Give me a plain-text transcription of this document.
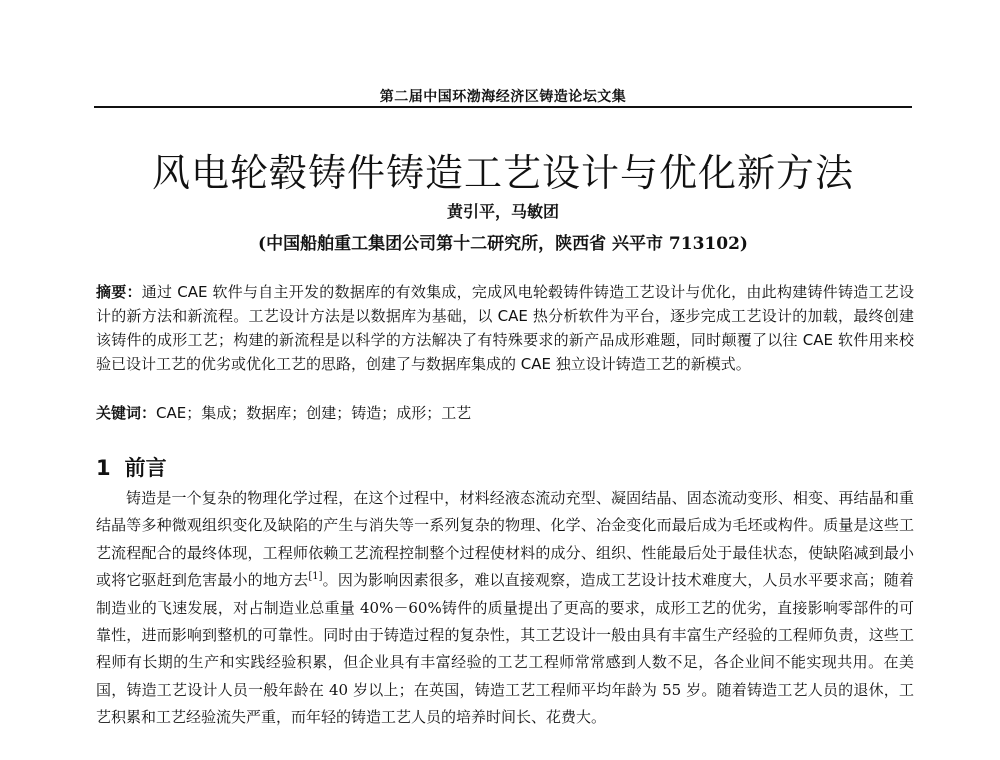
第二届中国环渤海经济区铸造论坛文集
风电轮毂铸件铸造工艺设计与优化新方法
黄引平，马敏团
(中国船舶重工集团公司第十二研究所，陕西省 兴平市 713102)

摘要：通过 CAE 软件与自主开发的数据库的有效集成，完成风电轮毂铸件铸造工艺设计与优化，由此构建铸件铸造工艺设计的新方法和新流程。工艺设计方法是以数据库为基础，以 CAE 热分析软件为平台，逐步完成工艺设计的加载，最终创建该铸件的成形工艺；构建的新流程是以科学的方法解决了有特殊要求的新产品成形难题，同时颠覆了以往 CAE 软件用来校验已设计工艺的优劣或优化工艺的思路，创建了与数据库集成的 CAE 独立设计铸造工艺的新模式。

关键词：CAE；集成；数据库；创建；铸造；成形；工艺

1 前言

铸造是一个复杂的物理化学过程，在这个过程中，材料经液态流动充型、凝固结晶、固态流动变形、相变、再结晶和重结晶等多种微观组织变化及缺陷的产生与消失等一系列复杂的物理、化学、冶金变化而最后成为毛坯或构件。质量是这些工艺流程配合的最终体现，工程师依赖工艺流程控制整个过程使材料的成分、组织、性能最后处于最佳状态，使缺陷减到最小或将它驱赶到危害最小的地方去[1]。因为影响因素很多，难以直接观察，造成工艺设计技术难度大，人员水平要求高；随着制造业的飞速发展，对占制造业总重量 40%－60%铸件的质量提出了更高的要求，成形工艺的优劣，直接影响零部件的可靠性，进而影响到整机的可靠性。同时由于铸造过程的复杂性，其工艺设计一般由具有丰富生产经验的工程师负责，这些工程师有长期的生产和实践经验积累，但企业具有丰富经验的工艺工程师常常感到人数不足，各企业间不能实现共用。在美国，铸造工艺设计人员一般年龄在 40 岁以上；在英国，铸造工艺工程师平均年龄为 55 岁。随着铸造工艺人员的退休，工艺积累和工艺经验流失严重，而年轻的铸造工艺人员的培养时间长、花费大。
